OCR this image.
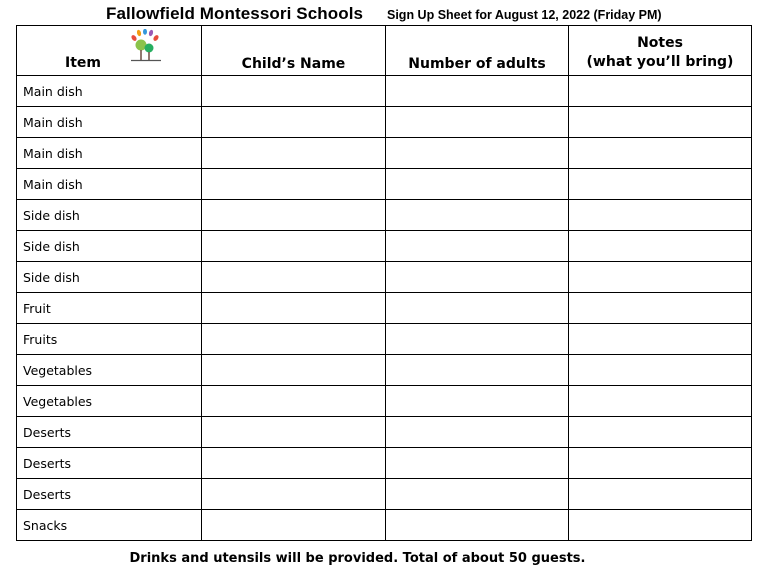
Fallowfield Montessori Schools Sign Up Sheet for August 12, 2022 (Friday PM)
Item	Child’s Name	Number of adults	Notes
(what you’ll bring)
Main dish			
Main dish			
Main dish			
Main dish			
Side dish			
Side dish			
Side dish			
Fruit			
Fruits			
Vegetables			
Vegetables			
Deserts			
Deserts			
Deserts			
Snacks			
Drinks and utensils will be provided. Total of about 50 guests.
